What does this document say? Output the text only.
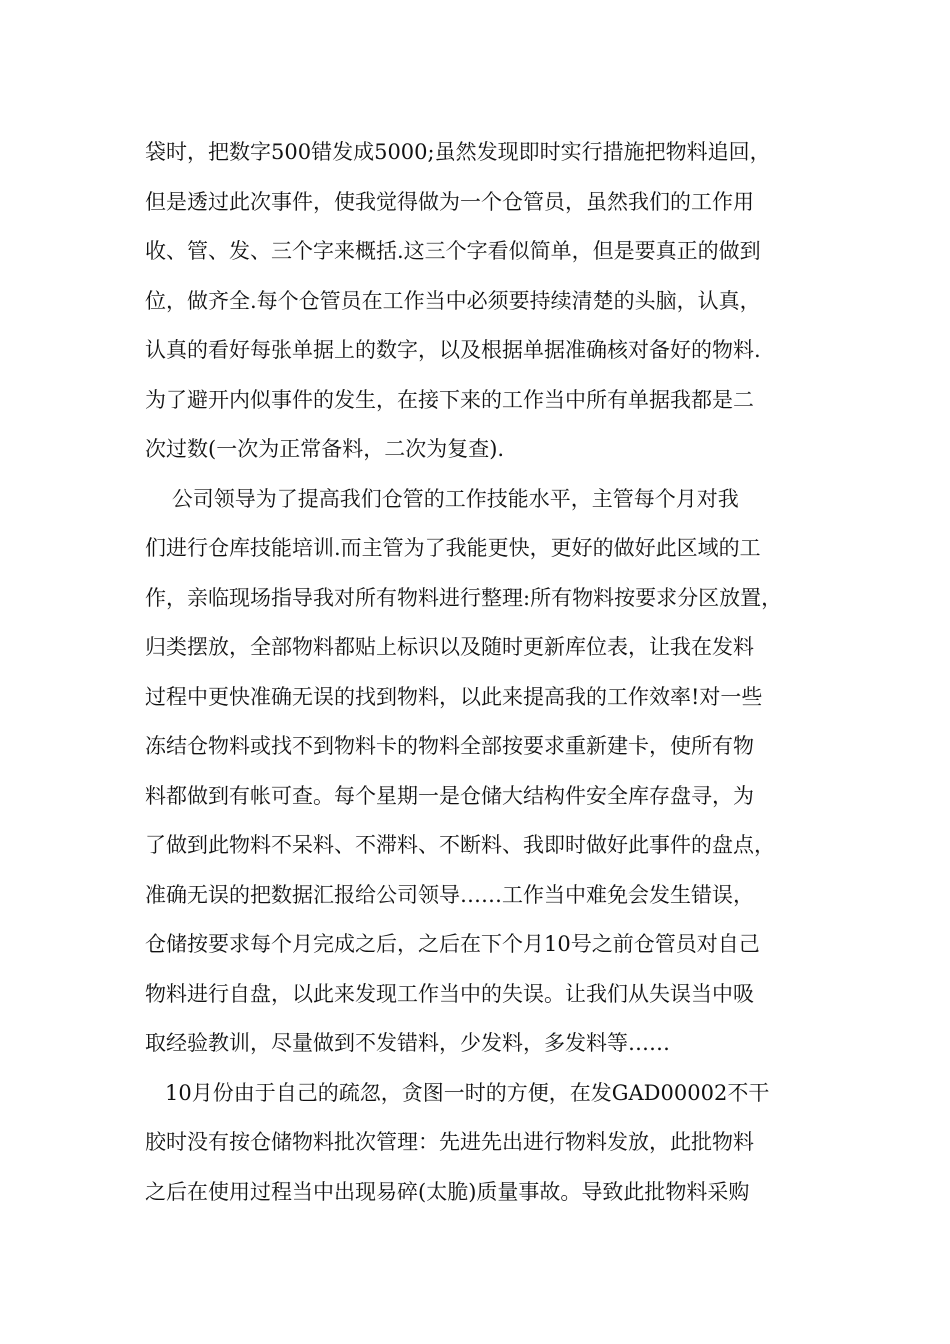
袋时，把数字500错发成5000;虽然发现即时实行措施把物料追回，
但是透过此次事件，使我觉得做为一个仓管员，虽然我们的工作用
收、管、发、三个字来概括.这三个字看似简单，但是要真正的做到
位，做齐全.每个仓管员在工作当中必须要持续清楚的头脑，认真，
认真的看好每张单据上的数字，以及根据单据准确核对备好的物料.
为了避开内似事件的发生，在接下来的工作当中所有单据我都是二
次过数(一次为正常备料，二次为复查).
公司领导为了提高我们仓管的工作技能水平，主管每个月对我
们进行仓库技能培训.而主管为了我能更快，更好的做好此区域的工
作，亲临现场指导我对所有物料进行整理:所有物料按要求分区放置，
归类摆放，全部物料都贴上标识以及随时更新库位表，让我在发料
过程中更快准确无误的找到物料，以此来提高我的工作效率!对一些
冻结仓物料或找不到物料卡的物料全部按要求重新建卡，使所有物
料都做到有帐可查。每个星期一是仓储大结构件安全库存盘寻，为
了做到此物料不呆料、不滞料、不断料、我即时做好此事件的盘点，
准确无误的把数据汇报给公司领导……工作当中难免会发生错误，
仓储按要求每个月完成之后，之后在下个月10号之前仓管员对自己
物料进行自盘，以此来发现工作当中的失误。让我们从失误当中吸
取经验教训，尽量做到不发错料，少发料，多发料等……
10月份由于自己的疏忽，贪图一时的方便，在发GAD00002不干
胶时没有按仓储物料批次管理：先进先出进行物料发放，此批物料
之后在使用过程当中出现易碎(太脆)质量事故。导致此批物料采购
